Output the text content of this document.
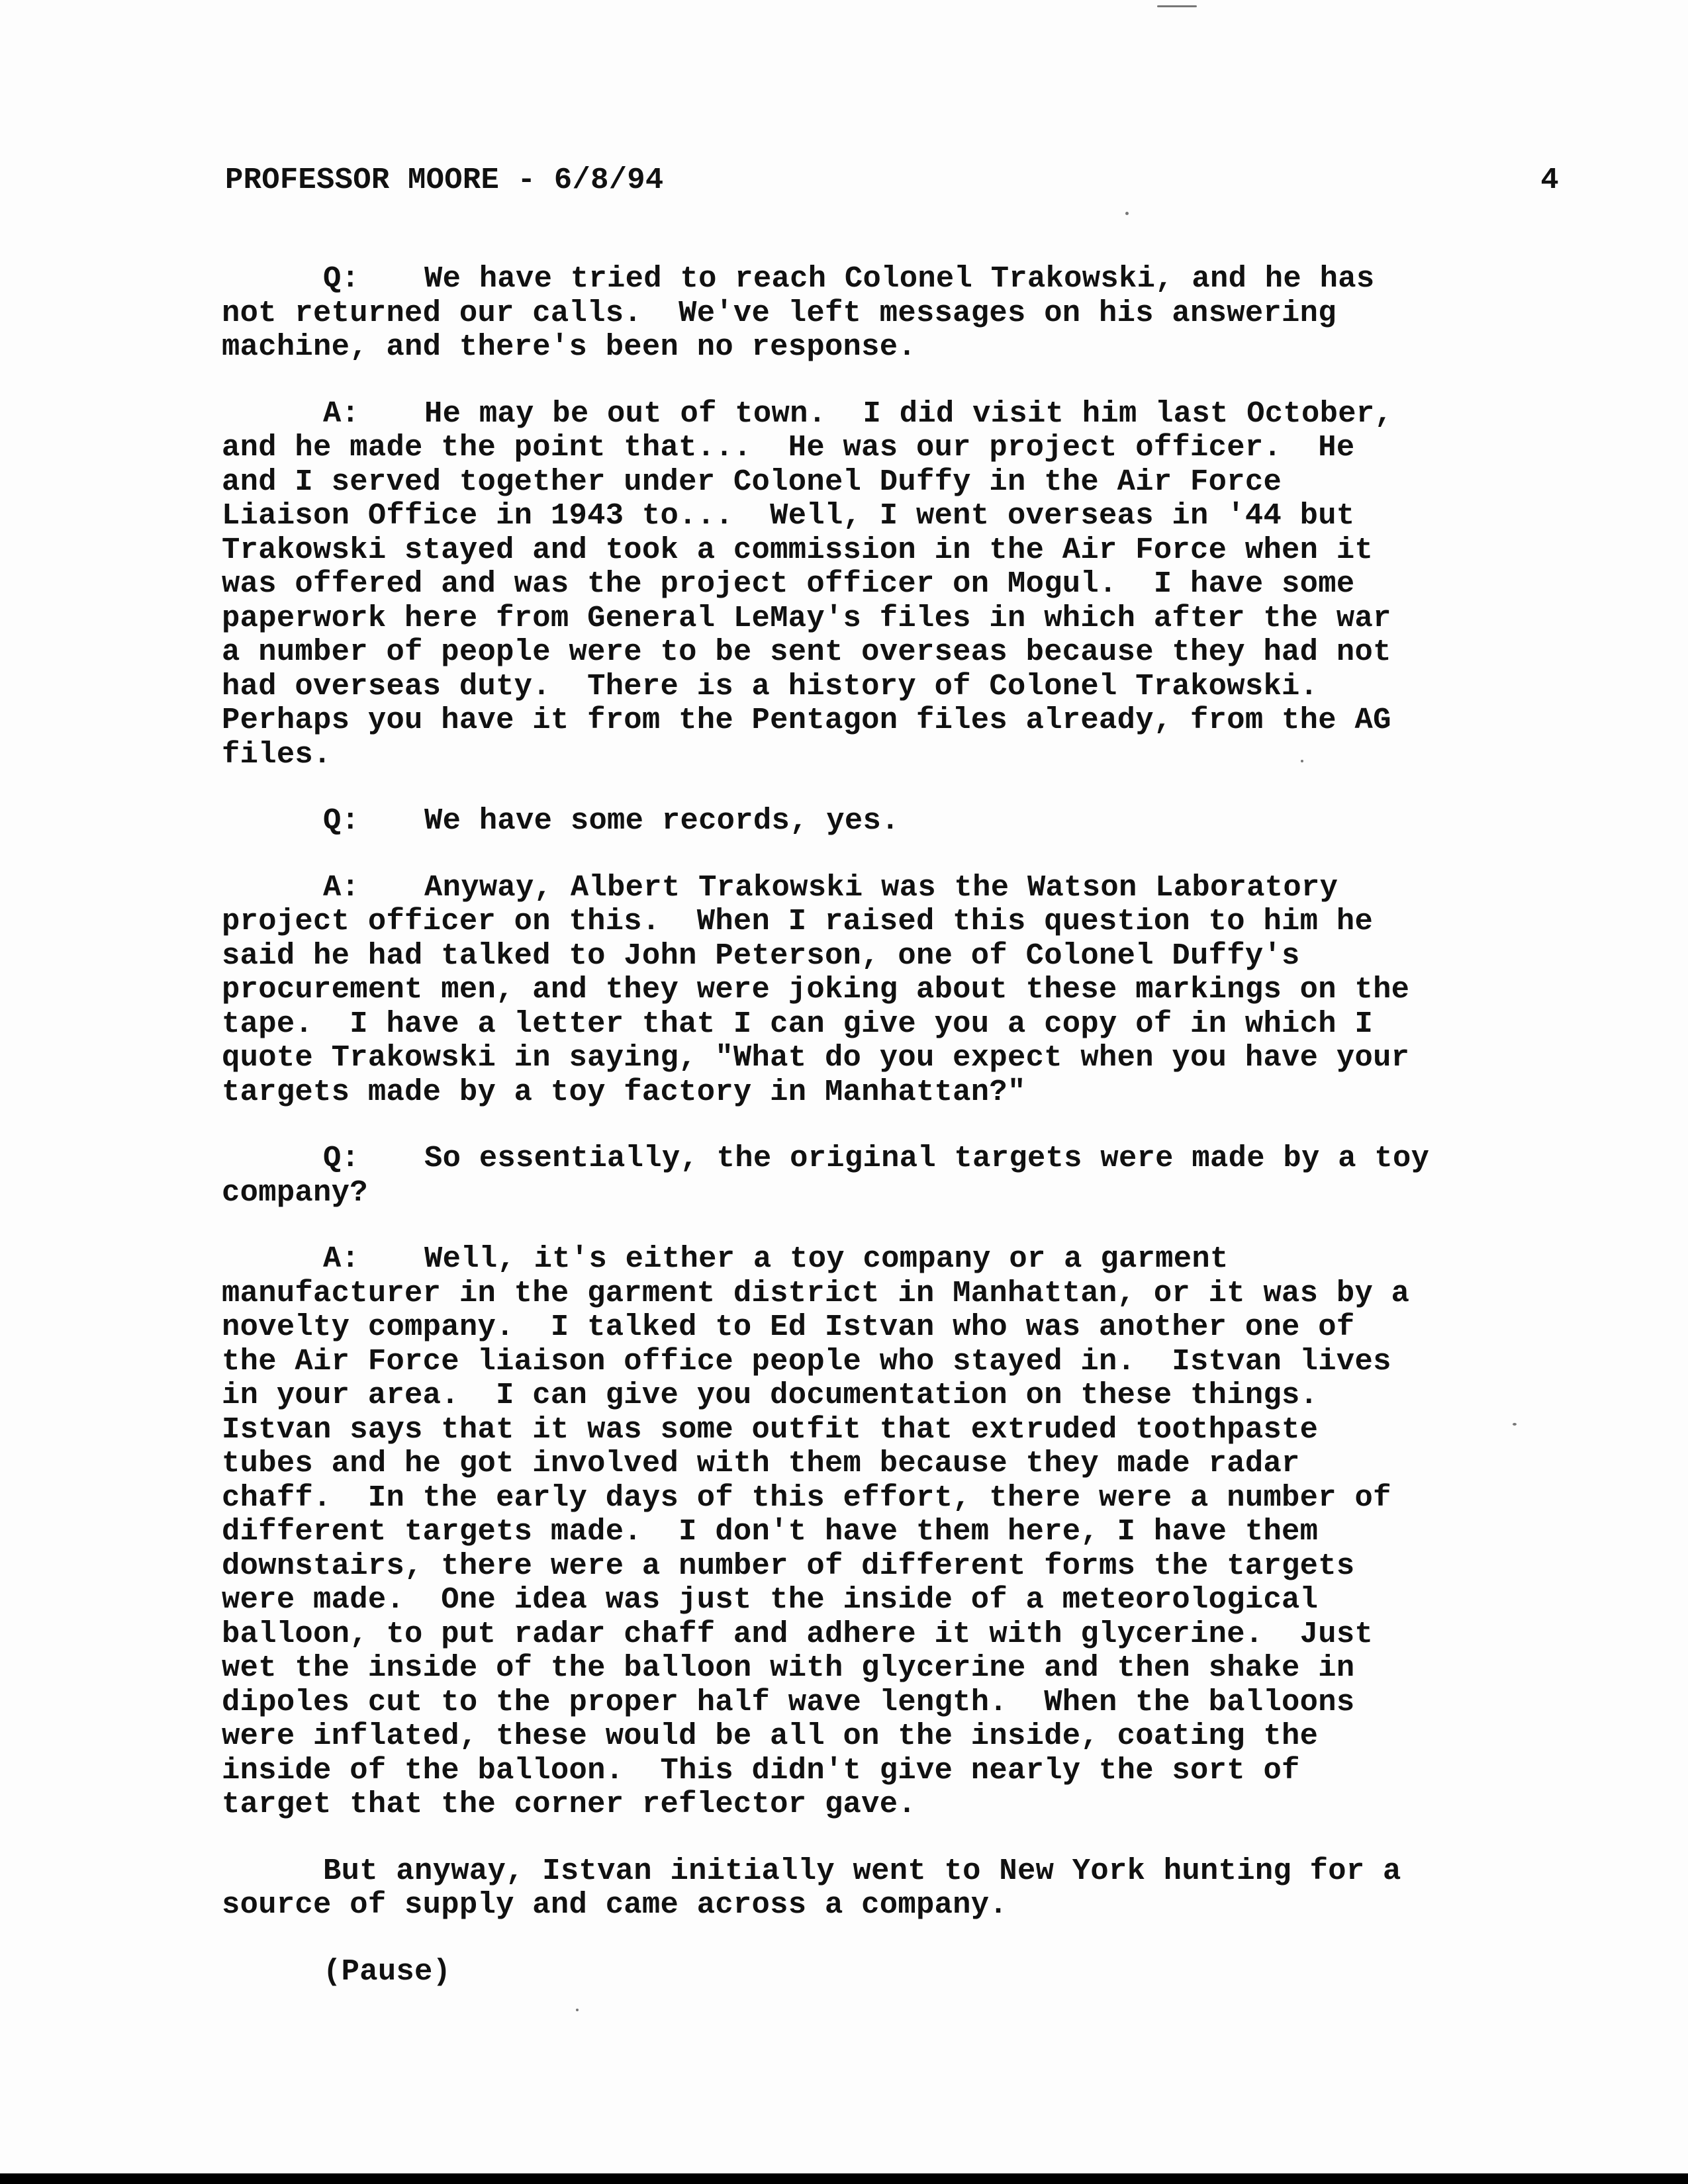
PROFESSOR MOORE - 6/8/94

	4

Q: We have tried to reach Colonel Trakowski, and he has
not returned our calls.  We've left messages on his answering
machine, and there's been no response.
A: He may be out of town.  I did visit him last October,
and he made the point that...  He was our project officer.  He
and I served together under Colonel Duffy in the Air Force
Liaison Office in 1943 to...  Well, I went overseas in '44 but
Trakowski stayed and took a commission in the Air Force when it
was offered and was the project officer on Mogul.  I have some
paperwork here from General LeMay's files in which after the war
a number of people were to be sent overseas because they had not
had overseas duty.  There is a history of Colonel Trakowski.
Perhaps you have it from the Pentagon files already, from the AG
files.
Q: We have some records, yes.
A: Anyway, Albert Trakowski was the Watson Laboratory
project officer on this.  When I raised this question to him he
said he had talked to John Peterson, one of Colonel Duffy's
procurement men, and they were joking about these markings on the
tape.  I have a letter that I can give you a copy of in which I
quote Trakowski in saying, "What do you expect when you have your
targets made by a toy factory in Manhattan?"
Q: So essentially, the original targets were made by a toy
company?
A: Well, it's either a toy company or a garment
manufacturer in the garment district in Manhattan, or it was by a
novelty company.  I talked to Ed Istvan who was another one of
the Air Force liaison office people who stayed in.  Istvan lives
in your area.  I can give you documentation on these things.
Istvan says that it was some outfit that extruded toothpaste
tubes and he got involved with them because they made radar
chaff.  In the early days of this effort, there were a number of
different targets made.  I don't have them here, I have them
downstairs, there were a number of different forms the targets
were made.  One idea was just the inside of a meteorological
balloon, to put radar chaff and adhere it with glycerine.  Just
wet the inside of the balloon with glycerine and then shake in
dipoles cut to the proper half wave length.  When the balloons
were inflated, these would be all on the inside, coating the
inside of the balloon.  This didn't give nearly the sort of
target that the corner reflector gave.
But anyway, Istvan initially went to New York hunting for a
source of supply and came across a company.
(Pause)
